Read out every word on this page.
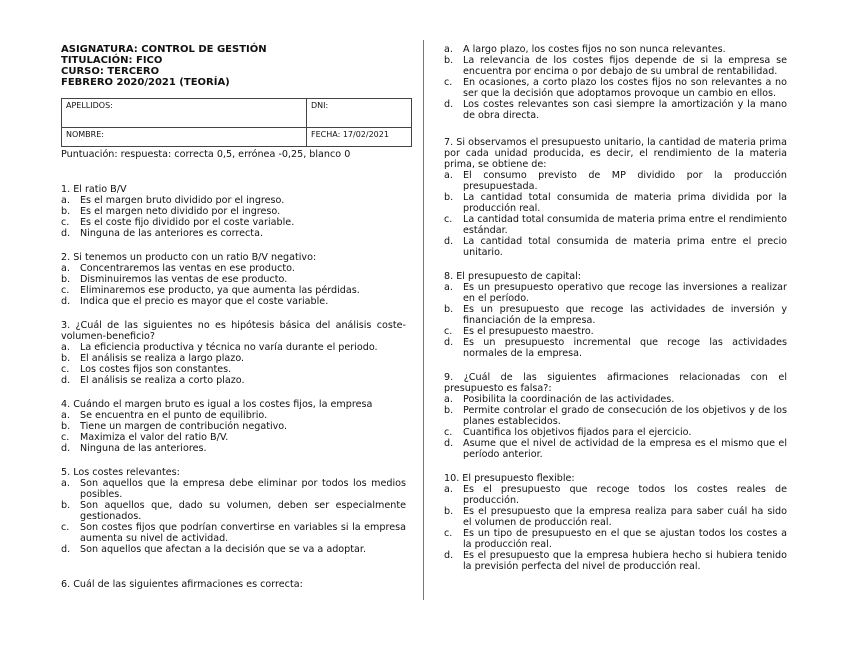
ASIGNATURA: CONTROL DE GESTIÓN
TITULACIÓN: FICO
CURSO: TERCERO
FEBRERO 2020/2021 (TEORÍA)
APELLIDOS:	DNI:
NOMBRE:	FECHA: 17/02/2021
Puntuación: respuesta: correcta 0,5, errónea -0,25, blanco 0
1. El ratio B/V
a. Es el margen bruto dividido por el ingreso.
b. Es el margen neto dividido por el ingreso.
c. Es el coste fijo dividido por el coste variable.
d. Ninguna de las anteriores es correcta.
2. Si tenemos un producto con un ratio B/V negativo:
a. Concentraremos las ventas en ese producto.
b. Disminuiremos las ventas de ese producto.
c. Eliminaremos ese producto, ya que aumenta las pérdidas.
d. Indica que el precio es mayor que el coste variable.
3. ¿Cuál de las siguientes no es hipótesis básica del análisis coste-volumen-beneficio?
a. La eficiencia productiva y técnica no varía durante el periodo.
b. El análisis se realiza a largo plazo.
c. Los costes fijos son constantes.
d. El análisis se realiza a corto plazo.
4. Cuándo el margen bruto es igual a los costes fijos, la empresa
a. Se encuentra en el punto de equilibrio.
b. Tiene un margen de contribución negativo.
c. Maximiza el valor del ratio B/V.
d. Ninguna de las anteriores.
5. Los costes relevantes:
a. Son aquellos que la empresa debe eliminar por todos los medios posibles.
b. Son aquellos que, dado su volumen, deben ser especialmente gestionados.
c. Son costes fijos que podrían convertirse en variables si la empresa aumenta su nivel de actividad.
d. Son aquellos que afectan a la decisión que se va a adoptar.
6. Cuál de las siguientes afirmaciones es correcta:
a. A largo plazo, los costes fijos no son nunca relevantes.
b. La relevancia de los costes fijos depende de si la empresa se encuentra por encima o por debajo de su umbral de rentabilidad.
c. En ocasiones, a corto plazo los costes fijos no son relevantes a no ser que la decisión que adoptamos provoque un cambio en ellos.
d. Los costes relevantes son casi siempre la amortización y la mano de obra directa.
7. Si observamos el presupuesto unitario, la cantidad de materia prima por cada unidad producida, es decir, el rendimiento de la materia prima, se obtiene de:
a. El consumo previsto de MP dividido por la producción presupuestada.
b. La cantidad total consumida de materia prima dividida por la producción real.
c. La cantidad total consumida de materia prima entre el rendimiento estándar.
d. La cantidad total consumida de materia prima entre el precio unitario.
8. El presupuesto de capital:
a. Es un presupuesto operativo que recoge las inversiones a realizar en el período.
b. Es un presupuesto que recoge las actividades de inversión y financiación de la empresa.
c. Es el presupuesto maestro.
d. Es un presupuesto incremental que recoge las actividades normales de la empresa.
9. ¿Cuál de las siguientes afirmaciones relacionadas con el presupuesto es falsa?:
a. Posibilita la coordinación de las actividades.
b. Permite controlar el grado de consecución de los objetivos y de los planes establecidos.
c. Cuantifica los objetivos fijados para el ejercicio.
d. Asume que el nivel de actividad de la empresa es el mismo que el período anterior.
10. El presupuesto flexible:
a. Es el presupuesto que recoge todos los costes reales de producción.
b. Es el presupuesto que la empresa realiza para saber cuál ha sido el volumen de producción real.
c. Es un tipo de presupuesto en el que se ajustan todos los costes a la producción real.
d. Es el presupuesto que la empresa hubiera hecho si hubiera tenido la previsión perfecta del nivel de producción real.
